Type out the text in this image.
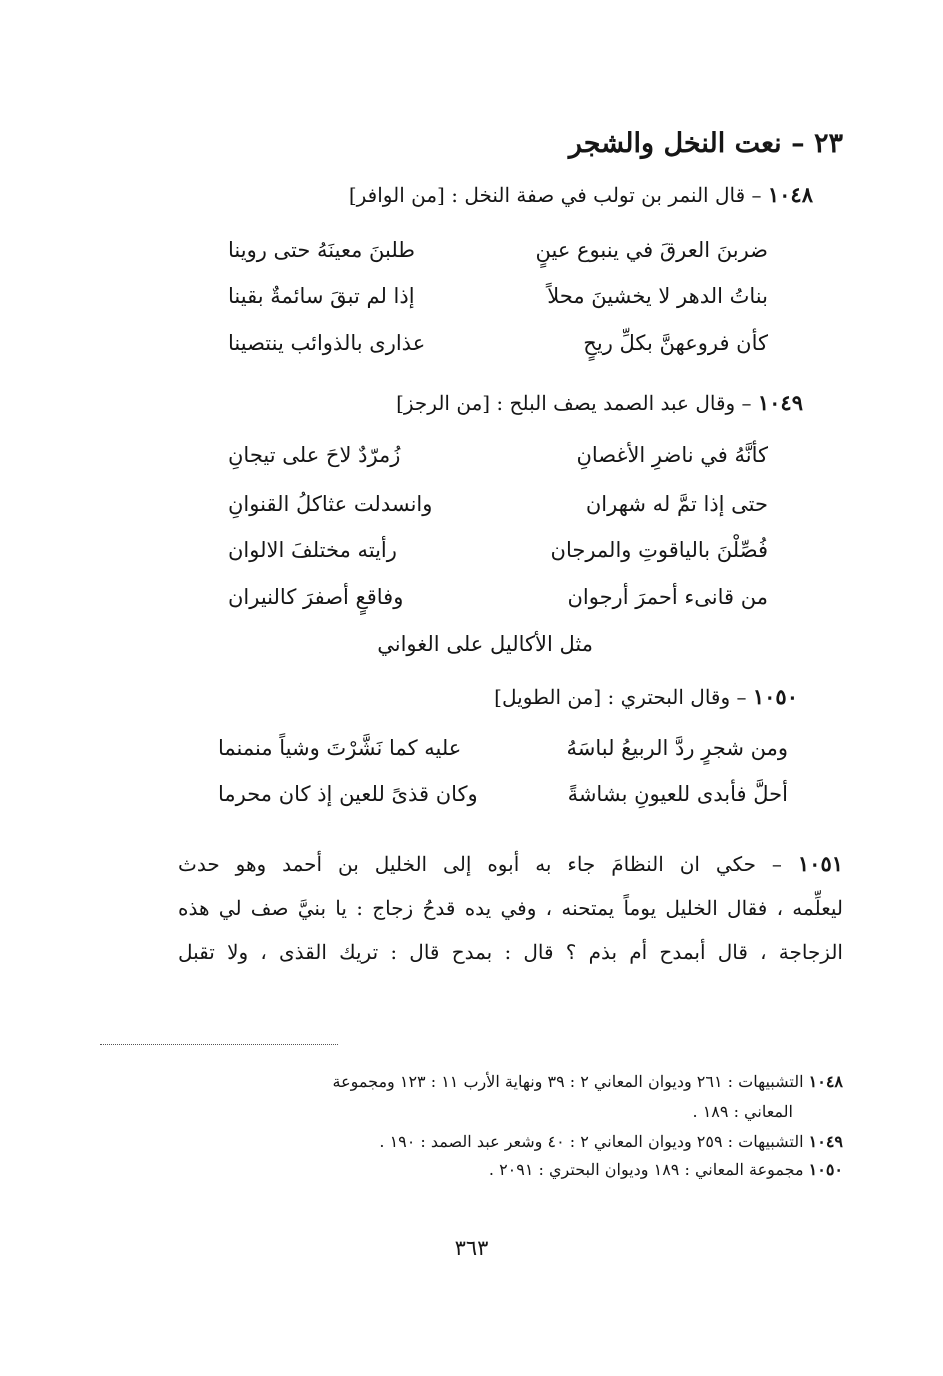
٢٣ – نعت النخل والشجر
١٠٤٨ – قال النمر بن تولب في صفة النخل : [من الوافر]
ضربنَ العرقَ في ينبوع عينٍ
طلبنَ معينَهُ حتى روينا
بناتُ الدهر لا يخشينَ محلاً
إذا لم تبقَ سائمةٌ بقينا
كأن فروعهنَّ بكلِّ ريحٍ
عذارى بالذوائب ينتصينا
١٠٤٩ – وقال عبد الصمد يصف البلح : [من الرجز]
كأنَّهُ في ناضرِ الأغصانِ
زُمرّدٌ لاحَ على تيجانِ
حتى إذا تمَّ له شهران
وانسدلت عثاكلُ القنوانِ
فُصِّلْنَ بالياقوتِ والمرجان
رأيته مختلفَ الالوان
من قانىء أحمرَ أرجوان
وفاقعٍ أصفرَ كالنيران
مثل الأكاليل على الغواني
١٠٥٠ – وقال البحتري : [من الطويل]
ومن شجرٍ ردَّ الربيعُ لباسَهُ
عليه كما نَشَّرْتَ وشياً منمنما
أحلَّ فأبدى للعيونِ بشاشةً
وكان قذىً للعين إذ كان محرما
١٠٥١ – حكي ان النظامَ جاء به أبوه إلى الخليل بن أحمد وهو حدث
ليعلِّمه ، فقال الخليل يوماً يمتحنه ، وفي يده قدحُ زجاج : يا بنيَّ صف لي هذه
الزجاجة ، قال أبمدح أم بذم ؟ قال : بمدح قال : تريك القذى ، ولا تقبل
١٠٤٨ التشبيهات : ٢٦١ وديوان المعاني ٢ : ٣٩ ونهاية الأرب ١١ : ١٢٣ ومجموعة
المعاني : ١٨٩ .
١٠٤٩ التشبيهات : ٢٥٩ وديوان المعاني ٢ : ٤٠ وشعر عبد الصمد : ١٩٠ .
١٠٥٠ مجموعة المعاني : ١٨٩ وديوان البحتري : ٢٠٩١ .
٣٦٣
